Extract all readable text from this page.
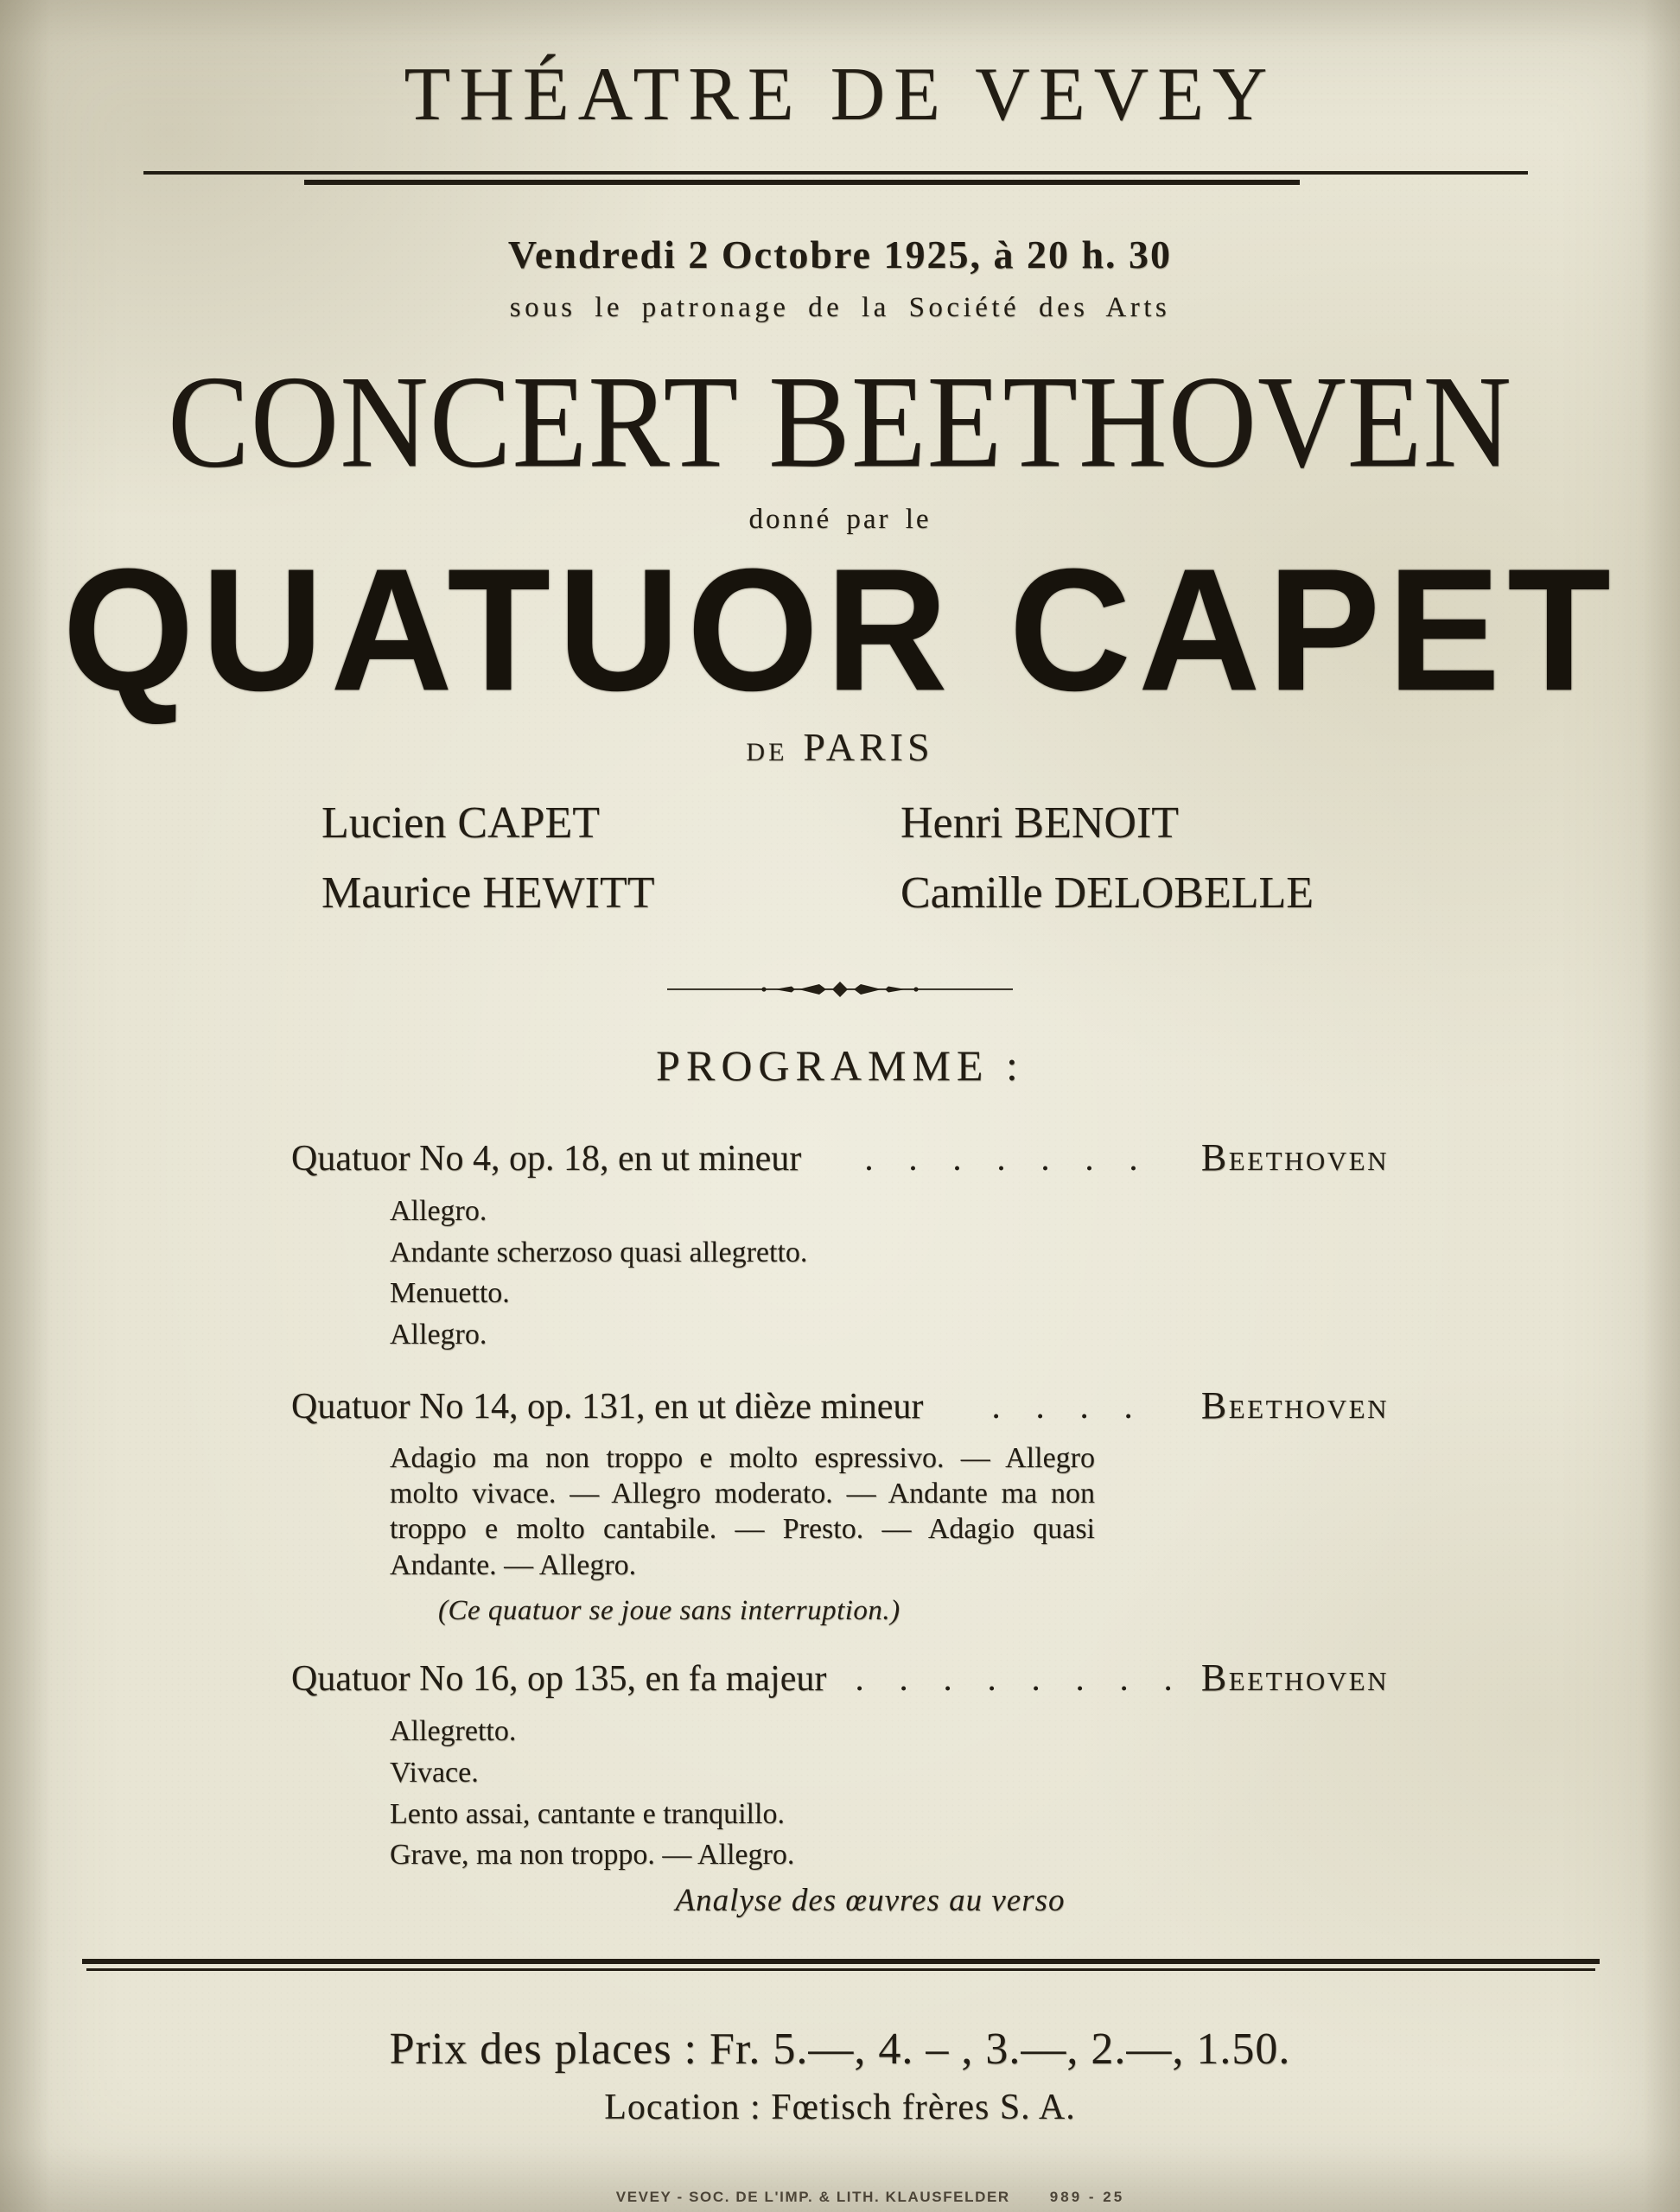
THÉATRE DE VEVEY
Vendredi 2 Octobre 1925, à 20 h. 30
sous le patronage de la Société des Arts
CONCERT BEETHOVEN
donné par le
QUATUOR CAPET
DE PARIS
Lucien CAPET	Henri BENOIT
Maurice HEWITT	Camille DELOBELLE
PROGRAMME :
Quatuor No 4, op. 18, en ut mineur	. . . . . . .	Beethoven
Allegro.
Andante scherzoso quasi allegretto.
Menuetto.
Allegro.
Quatuor No 14, op. 131, en ut dièze mineur	. . . .	Beethoven
Adagio ma non troppo e molto espressivo. — Allegro molto vivace. — Allegro moderato. — Andante ma non troppo e molto cantabile. — Presto. — Adagio quasi Andante. — Allegro.
(Ce quatuor se joue sans interruption.)
Quatuor No 16, op 135, en fa majeur . . . . . . . . Beethoven
Allegretto.
Vivace.
Lento assai, cantante e tranquillo.
Grave, ma non troppo. — Allegro.
Analyse des œuvres au verso
Prix des places : Fr. 5.—, 4. – , 3.—, 2.—, 1.50.
Location : Fœtisch frères S. A.
VEVEY - SOC. DE L'IMP. & LITH. KLAUSFELDER	989 - 25
